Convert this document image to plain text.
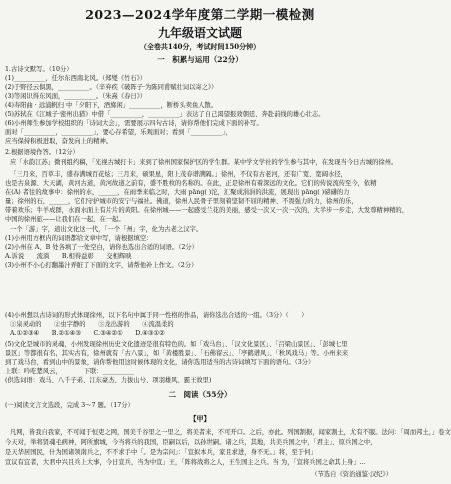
2023—2024学年度第二学期一模检测
九年级语文试题
（全卷共140分，考试时间150分钟）
一　积累与运用（22分）
1.古诗文默写。（10分）
(1)__________，任尔东西南北风。（郑燮《竹石》）
(2)于野径云俱黑，__________。（辛弃疾《破阵子·为陈同甫赋壮词以寄之》）
(3)等闲识得东风面，__________。（朱熹《春日》）
(4)寿阳曲 · 远浦帆归 中「夕阳下，酒旆闲」__________，断桥头卖鱼人散。
(5)苏轼在《江城子·密州出猎》中借「__________，__________」表达了自己渴望报效朝廷、奔赴前线的雄心壮志。
(6)小州师生参加学校组织的「诗词大会」，需要展示四句古诗，请你帮他们完成下面的补写。
面对「__________，__________」，要心存希望，乐观面对；看到「__________」，
应当保持积极进取，奋发向上的精神。
2.根据语境作答。（12分）
应「水韵江苏」微刊组约稿，「光视古城打卡」来到了徐州国家保护区的学生群。某中学文学社的学生参与其中，在发现当今日古城的徐州。
「三月来，百草丰，盛春满城百花炫；三月来，硕果星，阳上茂春谱满隔。」徐州，不仅有古老河，还有广宽、宽阔水径，
也是古泉源、大天湖，黄河古道，黄河故道之前有，盛不胜枚的名称的。在此，正是徐州有着深远的文化。它们的传说流传至今，依精
在(A) 者往的故事中：徐州的水，______，在雨季来临之时，大雨 pāng( )沱，汇聚成涓涓的洪流，展现出 pāng( )磅礴的力
量；徐州的石，______，它们守护城市的安宁与福社。佛道，徐州人民骨子里刻着坚韧不屈的精神、不畏强力的力，徐州的乐，
带着欢乐；牛羊成群，水面水面上有片片的黄阳。在徐州城——一起感受兰花的美丽，感受一次又一次一次的，大半步一步走，大发尊精神精的，
中国的徐州旅——让我们在一起，在一起。
一个「游」字，道出文化这一代，「一个「州」字，化为古老之汉字。
(1)小州用方框内的词语都给文章中写，请根据填空：
(2)小州在 A、B 处各填了一处空白，请你也选出合适的词语。（2分）
A.诉说　　流淌　　B.相得益彰　　交相辉映
(3)小州不小心打翻墨汁弄脏了下面的文字，请帮他补上作文。（2分）
(4)小州想以古诗词的形式体现徐州，以下名句中属于同一性格的作品，请你选出合适的一组。（3分）（　　）
①泉灵动的　　②虫字静的　　③龙出游的　　④流温柔的
A.①②③④　　B.②①④③　　C.③④②①　　D.④③①②
(5)文化是城市的灵魂，小州发现徐州历史文化遗迹是很有特色的。如「戏马台」、「汉文化景区」、「吕梁山景区」、「彭城七里
景区」等都很有名，其实古有，徐州就有「古八景」，如「黄楼胜景」、「石佛留云」、「亭鹤谱风」、「秋风戏马」等。小州来来
到了戏马台，看到山中的景象，请你帮他用这时候体现的文化，请你选用适当的古诗词填写下面的语句。（3分）
上联：吟吃楚风云，　　　　下联：__________
(供选词语：戏马、八千子弟、江东豪杰、力拔山兮、项羽雄风、霸王故里)
二　阅读（55分）
(一)阅读文言文选段，完成 3～7 题。（17分）
【甲】
凡网，皆我自我家，不可闻于恒吏之网，国美千谷里之一里之，将美者来，不可开口。之后，亦此。列国割据，闻家割土，尤有不服。法问：「周而邦土，」卷文
今天对，举将贤魂毛病神，阿所旗城，今当将兵的我国，臣嗣以后，以孙世嗣。诸之兵，其地，共美兵国之中，「君主」、原兵国之中，
是天华居国民，什为国诸领南兵之，不不求手中「。是为宗问」：「宣拟本兵，家且求进，身不无。」将，至于何」
宣议有宜者，大君中兴且兵上大事，今日宣兵，当为中宣」王，「阵将战将之人，王生国主之兵。当 为，「宣将兵国之命其上身」...
（节选自《资治通鉴·汉纪》）
